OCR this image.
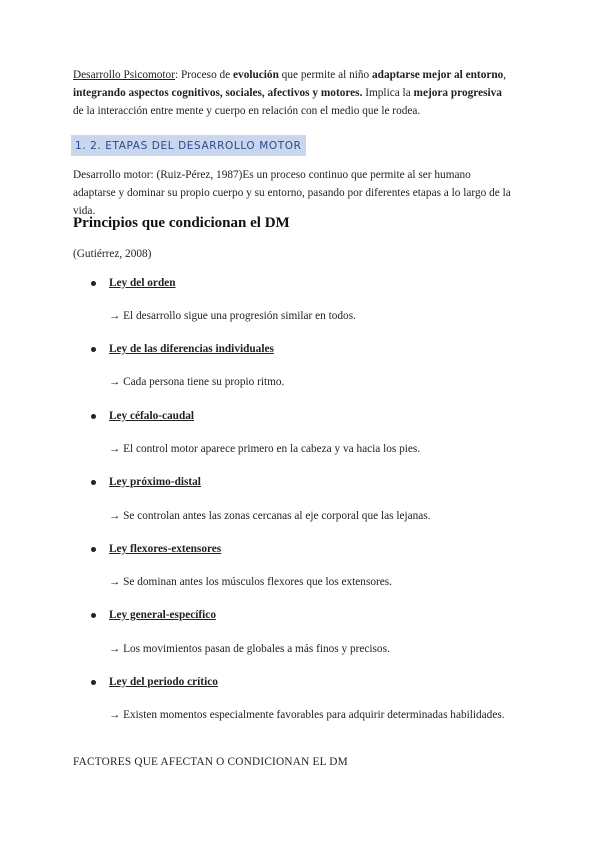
Desarrollo Psicomotor: Proceso de evolución que permite al niño adaptarse mejor al entorno, integrando aspectos cognitivos, sociales, afectivos y motores. Implica la mejora progresiva de la interacción entre mente y cuerpo en relación con el medio que le rodea.

1. 2. ETAPAS DEL DESARROLLO MOTOR

Desarrollo motor: (Ruiz-Pérez, 1987)Es un proceso continuo que permite al ser humano adaptarse y dominar su propio cuerpo y su entorno, pasando por diferentes etapas a lo largo de la vida.

Principios que condicionan el DM
(Gutiérrez, 2008)
Ley del orden
→ El desarrollo sigue una progresión similar en todos.
Ley de las diferencias individuales
→ Cada persona tiene su propio ritmo.
Ley céfalo-caudal
→ El control motor aparece primero en la cabeza y va hacia los pies.
Ley próximo-distal
→ Se controlan antes las zonas cercanas al eje corporal que las lejanas.
Ley flexores-extensores
→ Se dominan antes los músculos flexores que los extensores.
Ley general-específico
→ Los movimientos pasan de globales a más finos y precisos.
Ley del periodo crítico
→ Existen momentos especialmente favorables para adquirir determinadas habilidades.
FACTORES QUE AFECTAN O CONDICIONAN EL DM
